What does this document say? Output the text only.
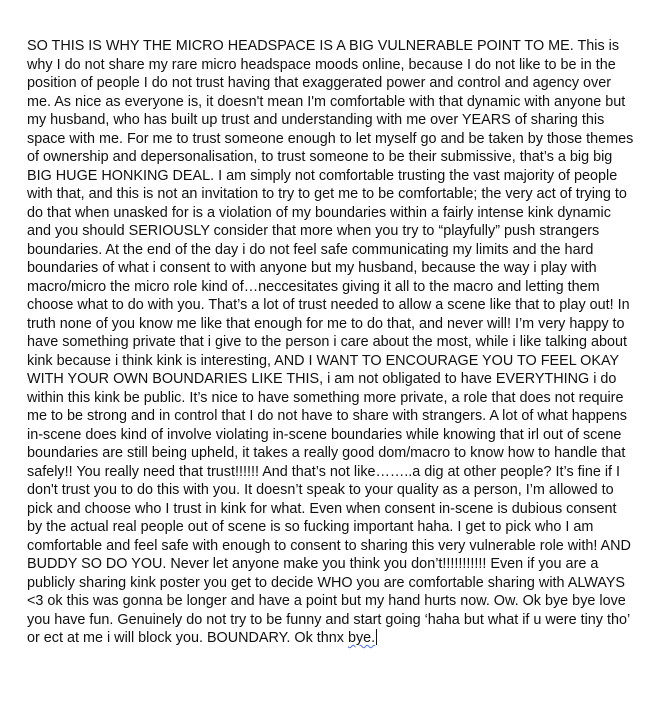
SO THIS IS WHY THE MICRO HEADSPACE IS A BIG VULNERABLE POINT TO ME. This is why I do not share my rare micro headspace moods online, because I do not like to be in the position of people I do not trust having that exaggerated power and control and agency over me. As nice as everyone is, it doesn't mean I'm comfortable with that dynamic with anyone but my husband, who has built up trust and understanding with me over YEARS of sharing this space with me. For me to trust someone enough to let myself go and be taken by those themes of ownership and depersonalisation, to trust someone to be their submissive, that’s a big big BIG HUGE HONKING DEAL. I am simply not comfortable trusting the vast majority of people with that, and this is not an invitation to try to get me to be comfortable; the very act of trying to do that when unasked for is a violation of my boundaries within a fairly intense kink dynamic and you should SERIOUSLY consider that more when you try to “playfully” push strangers boundaries. At the end of the day i do not feel safe communicating my limits and the hard boundaries of what i consent to with anyone but my husband, because the way i play with macro/micro the micro role kind of…neccesitates giving it all to the macro and letting them choose what to do with you. That’s a lot of trust needed to allow a scene like that to play out! In truth none of you know me like that enough for me to do that, and never will! I’m very happy to have something private that i give to the person i care about the most, while i like talking about kink because i think kink is interesting, AND I WANT TO ENCOURAGE YOU TO FEEL OKAY WITH YOUR OWN BOUNDARIES LIKE THIS, i am not obligated to have EVERYTHING i do within this kink be public. It’s nice to have something more private, a role that does not require me to be strong and in control that I do not have to share with strangers. A lot of what happens in-scene does kind of involve violating in-scene boundaries while knowing that irl out of scene boundaries are still being upheld, it takes a really good dom/macro to know how to handle that safely!! You really need that trust!!!!!! And that’s not like……..a dig at other people? It’s fine if I don't trust you to do this with you. It doesn’t speak to your quality as a person, I’m allowed to pick and choose who I trust in kink for what. Even when consent in-scene is dubious consent by the actual real people out of scene is so fucking important haha. I get to pick who I am comfortable and feel safe with enough to consent to sharing this very vulnerable role with! AND BUDDY SO DO YOU. Never let anyone make you think you don’t!!!!!!!!!!! Even if you are a publicly sharing kink poster you get to decide WHO you are comfortable sharing with ALWAYS <3 ok this was gonna be longer and have a point but my hand hurts now. Ow. Ok bye bye love you have fun. Genuinely do not try to be funny and start going ‘haha but what if u were tiny tho’ or ect at me i will block you. BOUNDARY. Ok thnx bye.
